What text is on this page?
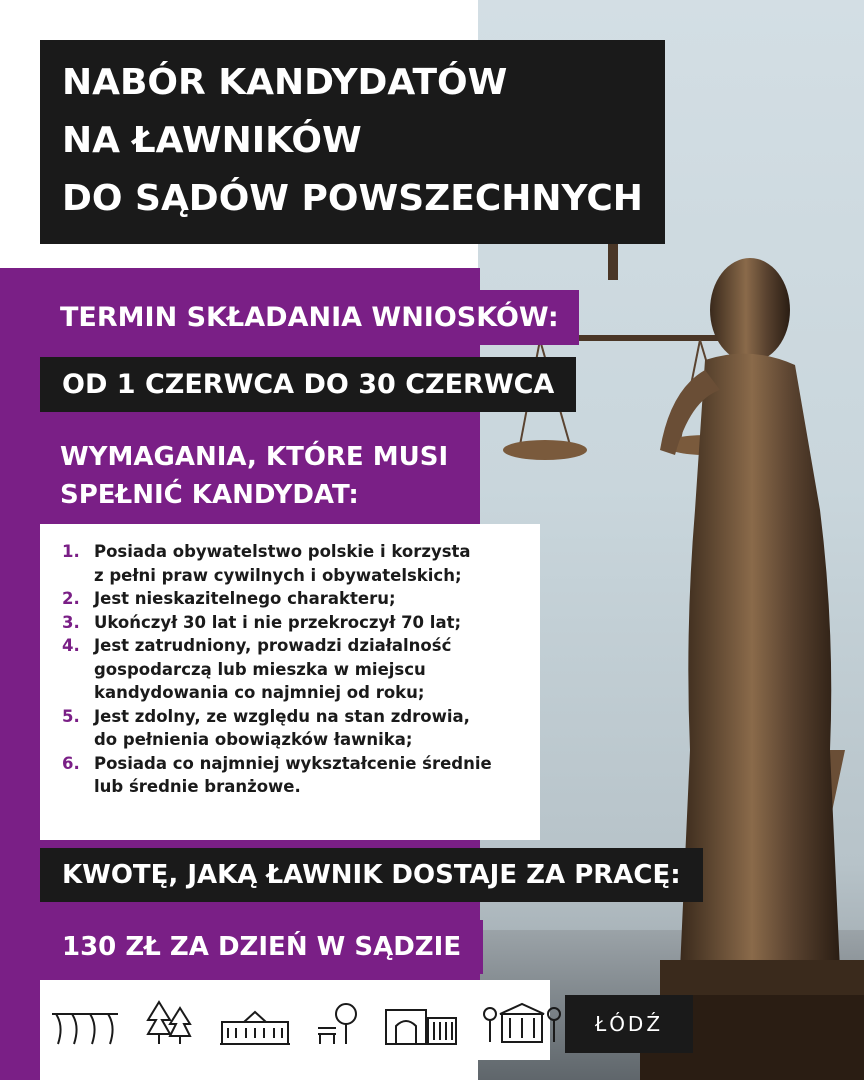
NABÓR KANDYDATÓW
NA ŁAWNIKÓW
DO SĄDÓW POWSZECHNYCH
TERMIN SKŁADANIA WNIOSKÓW:
OD 1 CZERWCA DO 30 CZERWCA
WYMAGANIA, KTÓRE MUSI
SPEŁNIĆ KANDYDAT:
1. Posiada obywatelstwo polskie i korzysta
z pełni praw cywilnych i obywatelskich;
2. Jest nieskazitelnego charakteru;
3. Ukończył 30 lat i nie przekroczył 70 lat;
4. Jest zatrudniony, prowadzi działalność
gospodarczą lub mieszka w miejscu
kandydowania co najmniej od roku;
5. Jest zdolny, ze względu na stan zdrowia,
do pełnienia obowiązków ławnika;
6. Posiada co najmniej wykształcenie średnie
lub średnie branżowe.
KWOTĘ, JAKĄ ŁAWNIK DOSTAJE ZA PRACĘ:
130 ZŁ ZA DZIEŃ W SĄDZIE
ŁÓDŹ
